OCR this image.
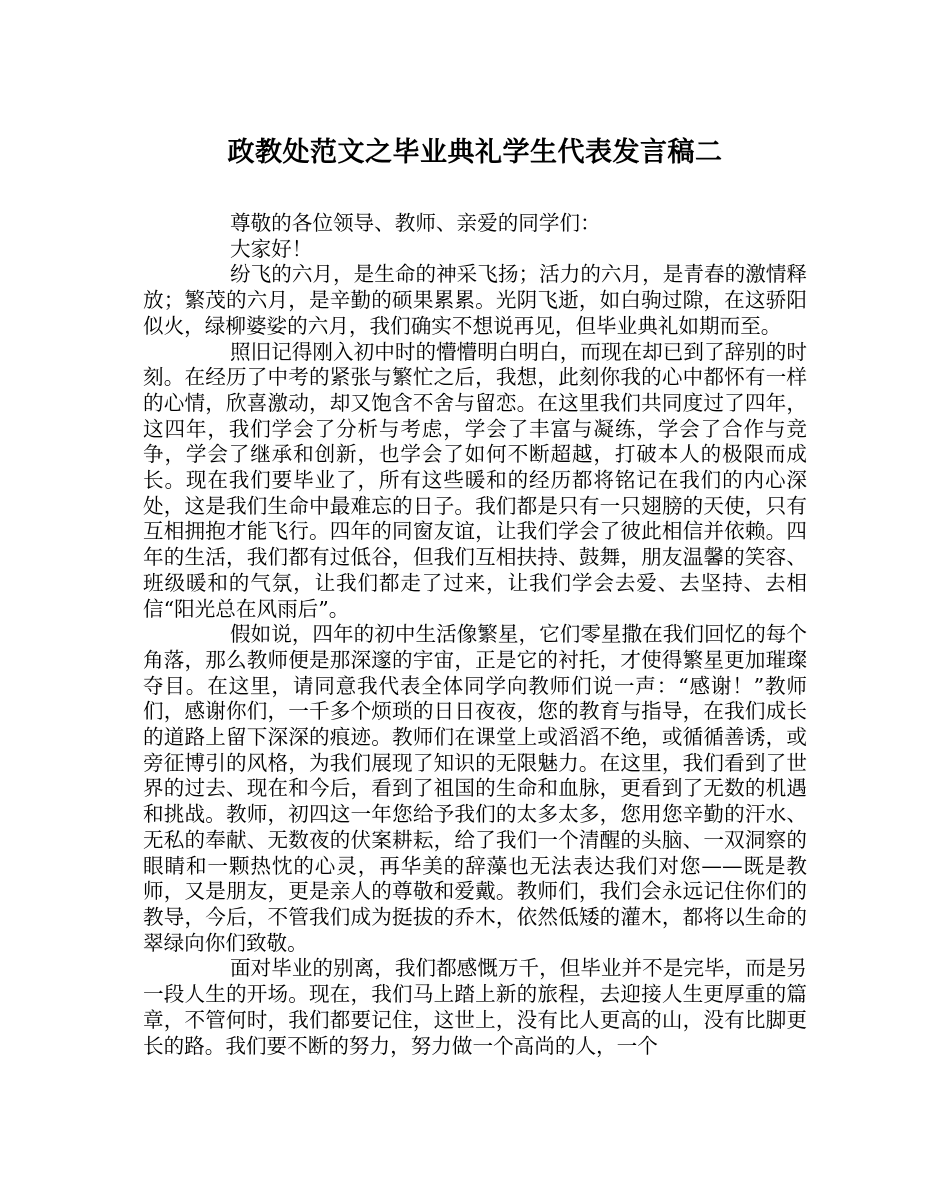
政教处范文之毕业典礼学生代表发言稿二

尊敬的各位领导、教师、亲爱的同学们：

大家好！

纷飞的六月，是生命的神采飞扬；活力的六月，是青春的激情释放；繁茂的六月，是辛勤的硕果累累。光阴飞逝，如白驹过隙，在这骄阳似火，绿柳婆娑的六月，我们确实不想说再见，但毕业典礼如期而至。

照旧记得刚入初中时的懵懵明白明白，而现在却已到了辞别的时刻。在经历了中考的紧张与繁忙之后，我想，此刻你我的心中都怀有一样的心情，欣喜激动，却又饱含不舍与留恋。在这里我们共同度过了四年，这四年，我们学会了分析与考虑，学会了丰富与凝练，学会了合作与竞争，学会了继承和创新，也学会了如何不断超越，打破本人的极限而成长。现在我们要毕业了，所有这些暖和的经历都将铭记在我们的内心深处，这是我们生命中最难忘的日子。我们都是只有一只翅膀的天使，只有互相拥抱才能飞行。四年的同窗友谊，让我们学会了彼此相信并依赖。四年的生活，我们都有过低谷，但我们互相扶持、鼓舞，朋友温馨的笑容、班级暖和的气氛，让我们都走了过来，让我们学会去爱、去坚持、去相信“阳光总在风雨后”。

假如说，四年的初中生活像繁星，它们零星撒在我们回忆的每个角落，那么教师便是那深邃的宇宙，正是它的衬托，才使得繁星更加璀璨夺目。在这里，请同意我代表全体同学向教师们说一声：“感谢！”教师们，感谢你们，一千多个烦琐的日日夜夜，您的教育与指导，在我们成长的道路上留下深深的痕迹。教师们在课堂上或滔滔不绝，或循循善诱，或旁征博引的风格，为我们展现了知识的无限魅力。在这里，我们看到了世界的过去、现在和今后，看到了祖国的生命和血脉，更看到了无数的机遇和挑战。教师，初四这一年您给予我们的太多太多，您用您辛勤的汗水、无私的奉献、无数夜的伏案耕耘，给了我们一个清醒的头脑、一双洞察的眼睛和一颗热忱的心灵，再华美的辞藻也无法表达我们对您——既是教师，又是朋友，更是亲人的尊敬和爱戴。教师们，我们会永远记住你们的教导，今后，不管我们成为挺拔的乔木，依然低矮的灌木，都将以生命的翠绿向你们致敬。

面对毕业的别离，我们都感慨万千，但毕业并不是完毕，而是另一段人生的开场。现在，我们马上踏上新的旅程，去迎接人生更厚重的篇章，不管何时，我们都要记住，这世上，没有比人更高的山，没有比脚更长的路。我们要不断的努力，努力做一个高尚的人，一个
